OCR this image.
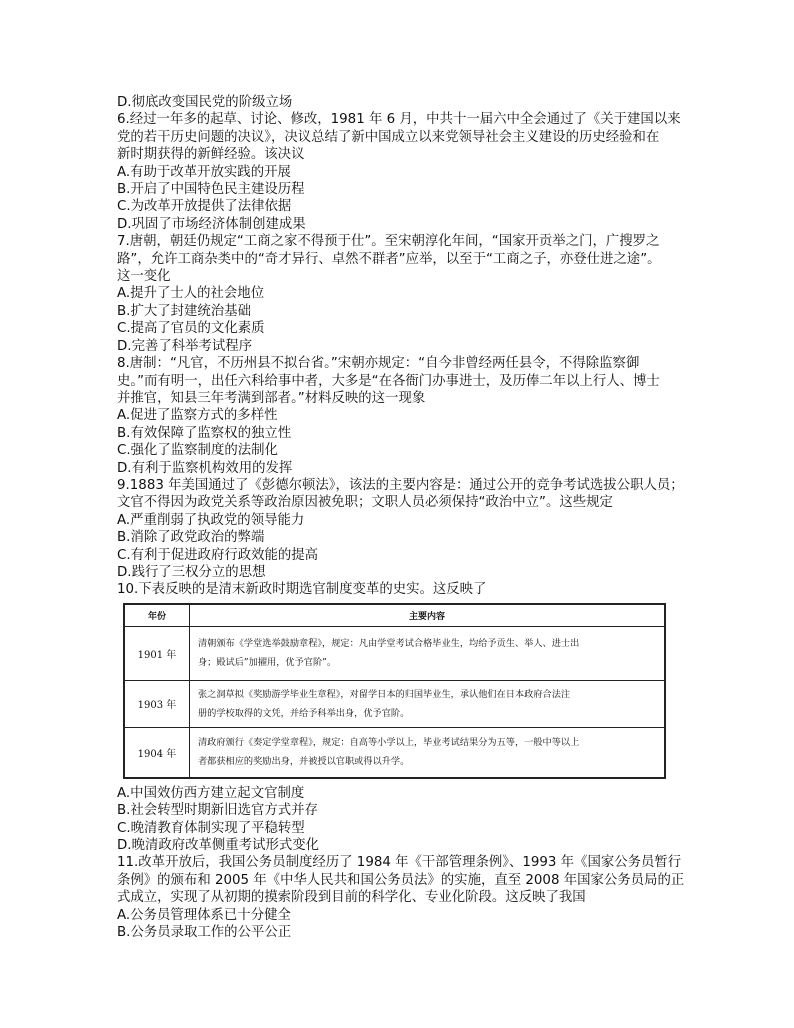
D.彻底改变国民党的阶级立场
6.经过一年多的起草、讨论、修改，1981 年 6 月，中共十一届六中全会通过了《关于建国以来
党的若干历史问题的决议》，决议总结了新中国成立以来党领导社会主义建设的历史经验和在
新时期获得的新鲜经验。该决议
A.有助于改革开放实践的开展
B.开启了中国特色民主建设历程
C.为改革开放提供了法律依据
D.巩固了市场经济体制创建成果
7.唐朝，朝廷仍规定“工商之家不得预于仕”。至宋朝淳化年间，“国家开贡举之门，广搜罗之
路”，允许工商杂类中的“奇才异行、卓然不群者”应举，以至于“工商之子，亦登仕进之途”。
这一变化
A.提升了士人的社会地位
B.扩大了封建统治基础
C.提高了官员的文化素质
D.完善了科举考试程序
8.唐制：“凡官，不历州县不拟台省。”宋朝亦规定：“自今非曾经两任县令，不得除监察御
史。”而有明一，出任六科给事中者，大多是“在各衙门办事进士，及历俸二年以上行人、博士
并推官，知县三年考满到部者。”材料反映的这一现象
A.促进了监察方式的多样性
B.有效保障了监察权的独立性
C.强化了监察制度的法制化
D.有利于监察机构效用的发挥
9.1883 年美国通过了《彭德尔顿法》，该法的主要内容是：通过公开的竞争考试选拔公职人员；
文官不得因为政党关系等政治原因被免职；文职人员必须保持“政治中立”。这些规定
A.严重削弱了执政党的领导能力
B.消除了政党政治的弊端
C.有利于促进政府行政效能的提高
D.践行了三权分立的思想
10.下表反映的是清末新政时期选官制度变革的史实。这反映了
年份	主要内容
1901 年	清朝颁布《学堂选举鼓励章程》，规定：凡由学堂考试合格毕业生，均给予贡生、举人、进士出
身；殿试后”加擢用，优予官阶”。

1903 年	张之洞草拟《奖励游学毕业生章程》，对留学日本的归国毕业生，承认他们在日本政府合法注
册的学校取得的文凭，并给予科举出身，优予官阶。

1904 年	清政府颁行《奏定学堂章程》，规定：自高等小学以上，毕业考试结果分为五等，一般中等以上
者都获相应的奖励出身，并被授以官职或得以升学。
A.中国效仿西方建立起文官制度
B.社会转型时期新旧选官方式并存
C.晚清教育体制实现了平稳转型
D.晚清政府改革侧重考试形式变化
11.改革开放后，我国公务员制度经历了 1984 年《干部管理条例》、1993 年《国家公务员暂行
条例》的颁布和 2005 年《中华人民共和国公务员法》的实施，直至 2008 年国家公务员局的正
式成立，实现了从初期的摸索阶段到目前的科学化、专业化阶段。这反映了我国
A.公务员管理体系已十分健全
B.公务员录取工作的公平公正
